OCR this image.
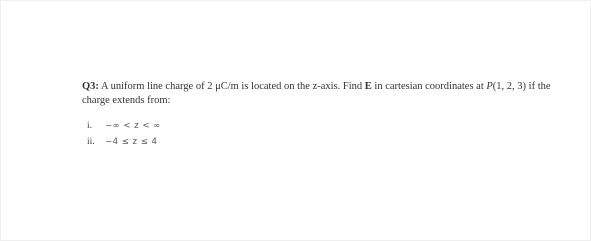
Q3: A uniform line charge of 2 μC/m is located on the z-axis. Find E in cartesian coordinates at P(1, 2, 3) if the charge extends from:
i.	−∞ < z < ∞
ii.	−4 ≤ z ≤ 4
